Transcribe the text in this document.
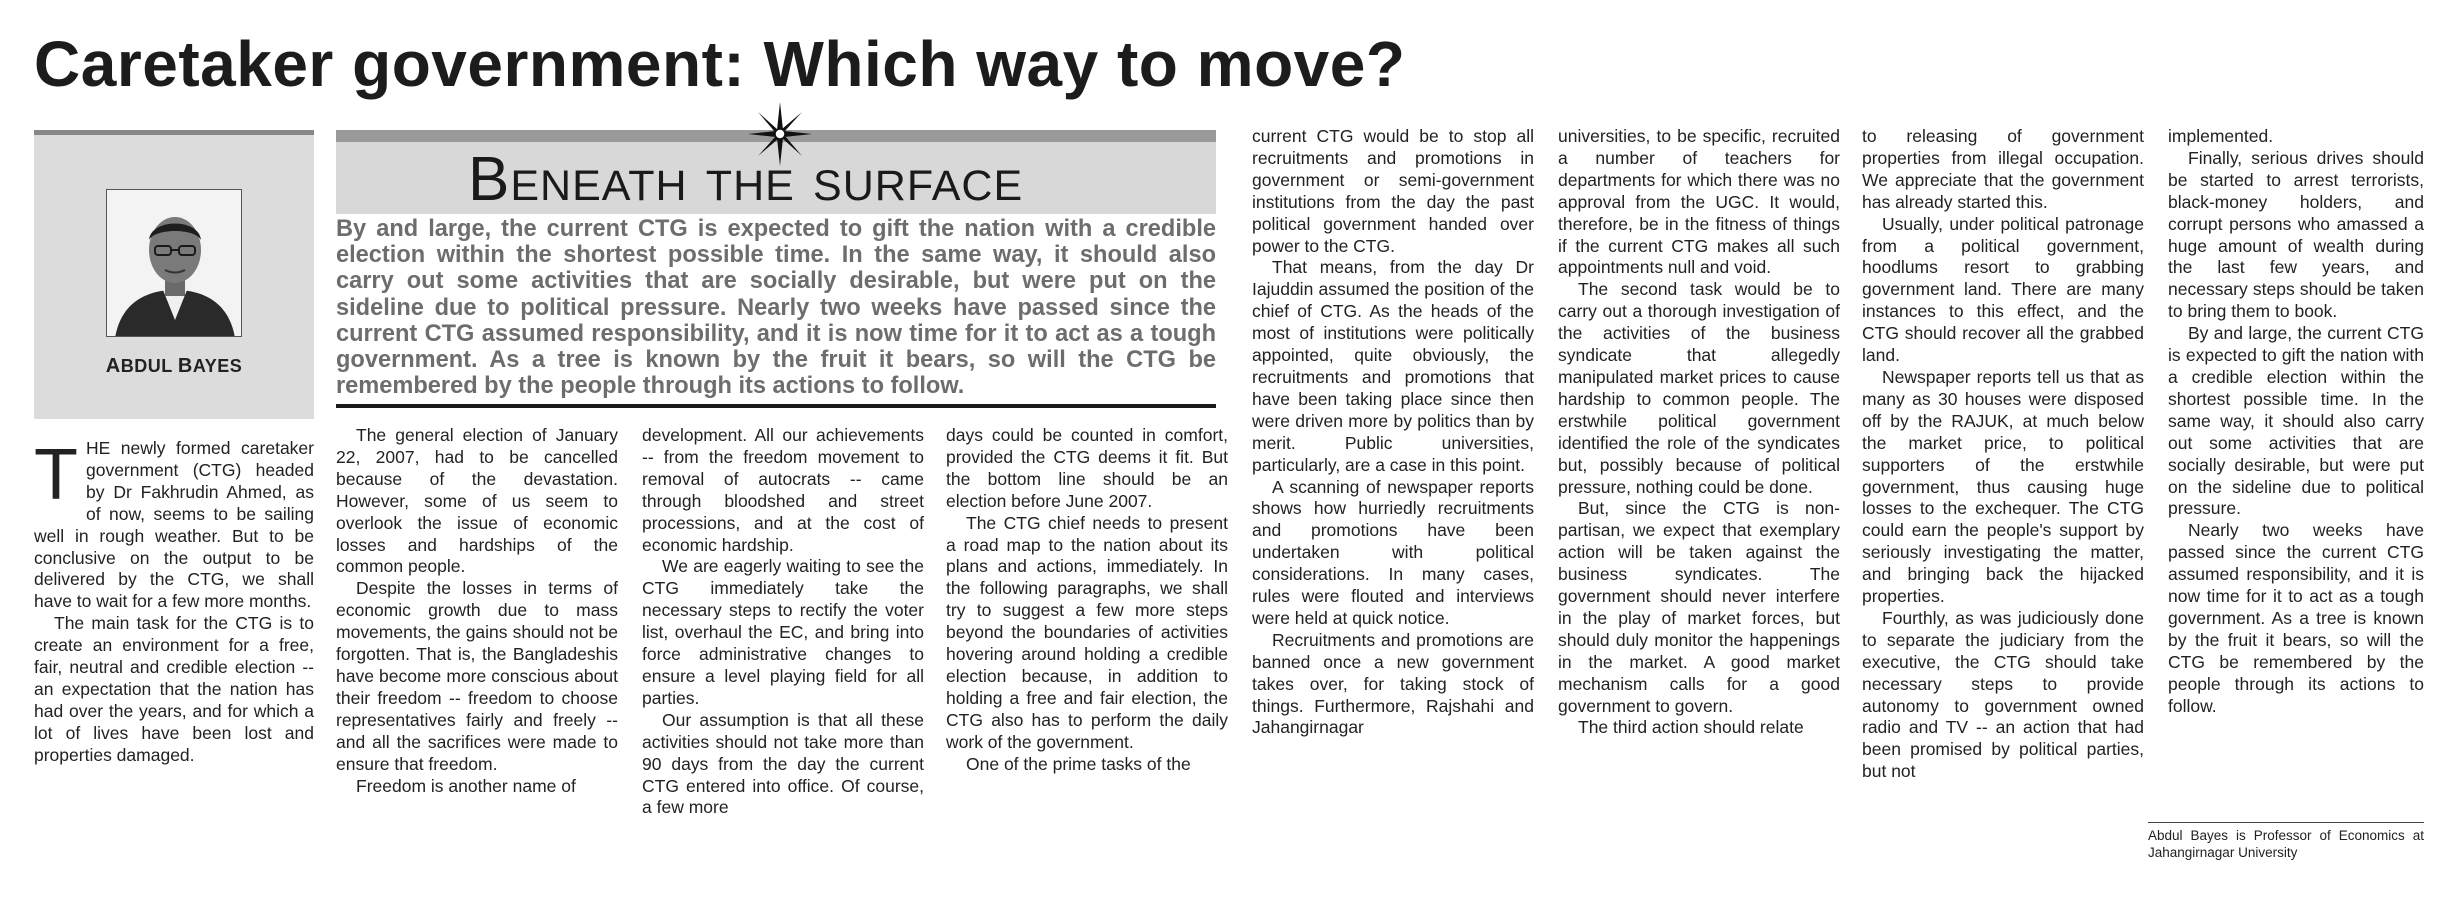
Caretaker government: Which way to move?
ABDUL BAYES
Beneath the surface
By and large, the current CTG is expected to gift the nation with a credible election within the shortest possible time. In the same way, it should also carry out some activities that are socially desirable, but were put on the sideline due to political pressure. Nearly two weeks have passed since the current CTG assumed responsibility, and it is now time for it to act as a tough government. As a tree is known by the fruit it bears, so will the CTG be remembered by the people through its actions to follow.

THE newly formed caretaker government (CTG) headed by Dr Fakhrudin Ahmed, as of now, seems to be sailing well in rough weather. But to be conclusive on the output to be delivered by the CTG, we shall have to wait for a few more months.

The main task for the CTG is to create an environment for a free, fair, neutral and credible election -- an expectation that the nation has had over the years, and for which a lot of lives have been lost and properties damaged.

The general election of January 22, 2007, had to be cancelled because of the devastation. However, some of us seem to overlook the issue of economic losses and hardships of the common people.

Despite the losses in terms of economic growth due to mass movements, the gains should not be forgotten. That is, the Bangladeshis have become more conscious about their freedom -- freedom to choose representatives fairly and freely -- and all the sacrifices were made to ensure that freedom.

Freedom is another name of

development. All our achievements -- from the freedom movement to removal of autocrats -- came through bloodshed and street processions, and at the cost of economic hardship.

We are eagerly waiting to see the CTG immediately take the necessary steps to rectify the voter list, overhaul the EC, and bring into force administrative changes to ensure a level playing field for all parties.

Our assumption is that all these activities should not take more than 90 days from the day the current CTG entered into office. Of course, a few more

days could be counted in comfort, provided the CTG deems it fit. But the bottom line should be an election before June 2007.

The CTG chief needs to present a road map to the nation about its plans and actions, immediately. In the following paragraphs, we shall try to suggest a few more steps beyond the boundaries of activities hovering around holding a credible election because, in addition to holding a free and fair election, the CTG also has to perform the daily work of the government.

One of the prime tasks of the

current CTG would be to stop all recruitments and promotions in government or semi-government institutions from the day the past political government handed over power to the CTG.

That means, from the day Dr Iajuddin assumed the position of the chief of CTG. As the heads of the most of institutions were politically appointed, quite obviously, the recruitments and promotions that have been taking place since then were driven more by politics than by merit. Public universities, particularly, are a case in this point.

A scanning of newspaper reports shows how hurriedly recruitments and promotions have been undertaken with political considerations. In many cases, rules were flouted and interviews were held at quick notice.

Recruitments and promotions are banned once a new government takes over, for taking stock of things. Furthermore, Rajshahi and Jahangirnagar

universities, to be specific, recruited a number of teachers for departments for which there was no approval from the UGC. It would, therefore, be in the fitness of things if the current CTG makes all such appointments null and void.

The second task would be to carry out a thorough investigation of the activities of the business syndicate that allegedly manipulated market prices to cause hardship to common people. The erstwhile political government identified the role of the syndicates but, possibly because of political pressure, nothing could be done.

But, since the CTG is non-partisan, we expect that exemplary action will be taken against the business syndicates. The government should never interfere in the play of market forces, but should duly monitor the happenings in the market. A good market mechanism calls for a good government to govern.

The third action should relate

to releasing of government properties from illegal occupation. We appreciate that the government has already started this.

Usually, under political patronage from a political government, hoodlums resort to grabbing government land. There are many instances to this effect, and the CTG should recover all the grabbed land.

Newspaper reports tell us that as many as 30 houses were disposed off by the RAJUK, at much below the market price, to political supporters of the erstwhile government, thus causing huge losses to the exchequer. The CTG could earn the people's support by seriously investigating the matter, and bringing back the hijacked properties.

Fourthly, as was judiciously done to separate the judiciary from the executive, the CTG should take necessary steps to provide autonomy to government owned radio and TV -- an action that had been promised by political parties, but not

implemented.

Finally, serious drives should be started to arrest terrorists, black-money holders, and corrupt persons who amassed a huge amount of wealth during the last few years, and necessary steps should be taken to bring them to book.

By and large, the current CTG is expected to gift the nation with a credible election within the shortest possible time. In the same way, it should also carry out some activities that are socially desirable, but were put on the sideline due to political pressure.

Nearly two weeks have passed since the current CTG assumed responsibility, and it is now time for it to act as a tough government. As a tree is known by the fruit it bears, so will the CTG be remembered by the people through its actions to follow.

Abdul Bayes is Professor of Economics at Jahangirnagar University
